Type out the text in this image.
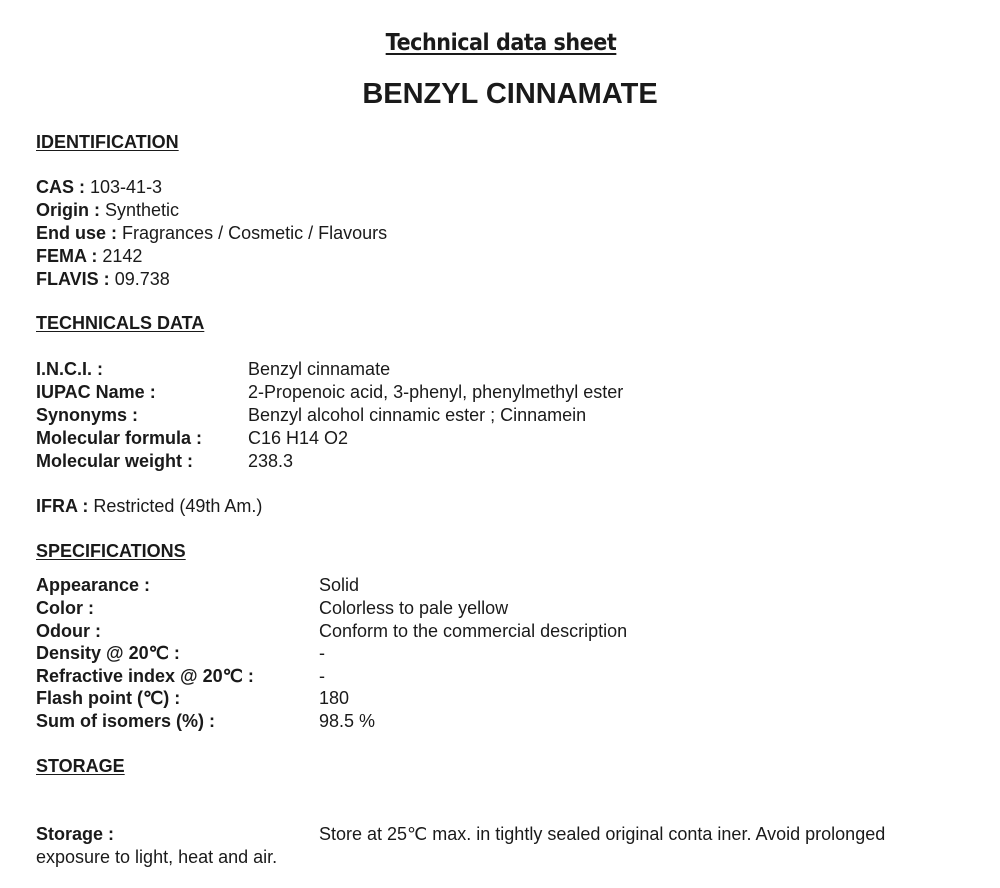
Technical data sheet
BENZYL CINNAMATE
IDENTIFICATION
CAS : 103-41-3
Origin : Synthetic
End use : Fragrances / Cosmetic / Flavours
FEMA : 2142
FLAVIS : 09.738
TECHNICALS DATA
I.N.C.I. :	Benzyl cinnamate
IUPAC Name :	2-Propenoic acid, 3-phenyl, phenylmethyl ester
Synonyms :	Benzyl alcohol cinnamic ester ; Cinnamein
Molecular formula :	C16 H14 O2
Molecular weight :	238.3
IFRA : Restricted (49th Am.)
SPECIFICATIONS
Appearance :	Solid
Color :	Colorless to pale yellow
Odour :	Conform to the commercial description
Density @ 20℃ :	-
Refractive index @ 20℃ :	-
Flash point (℃) :	180
Sum of isomers (%) :	98.5 %
STORAGE
Storage :	Store at 25℃ max. in tightly sealed original conta iner. Avoid prolonged
exposure to light, heat and air.
